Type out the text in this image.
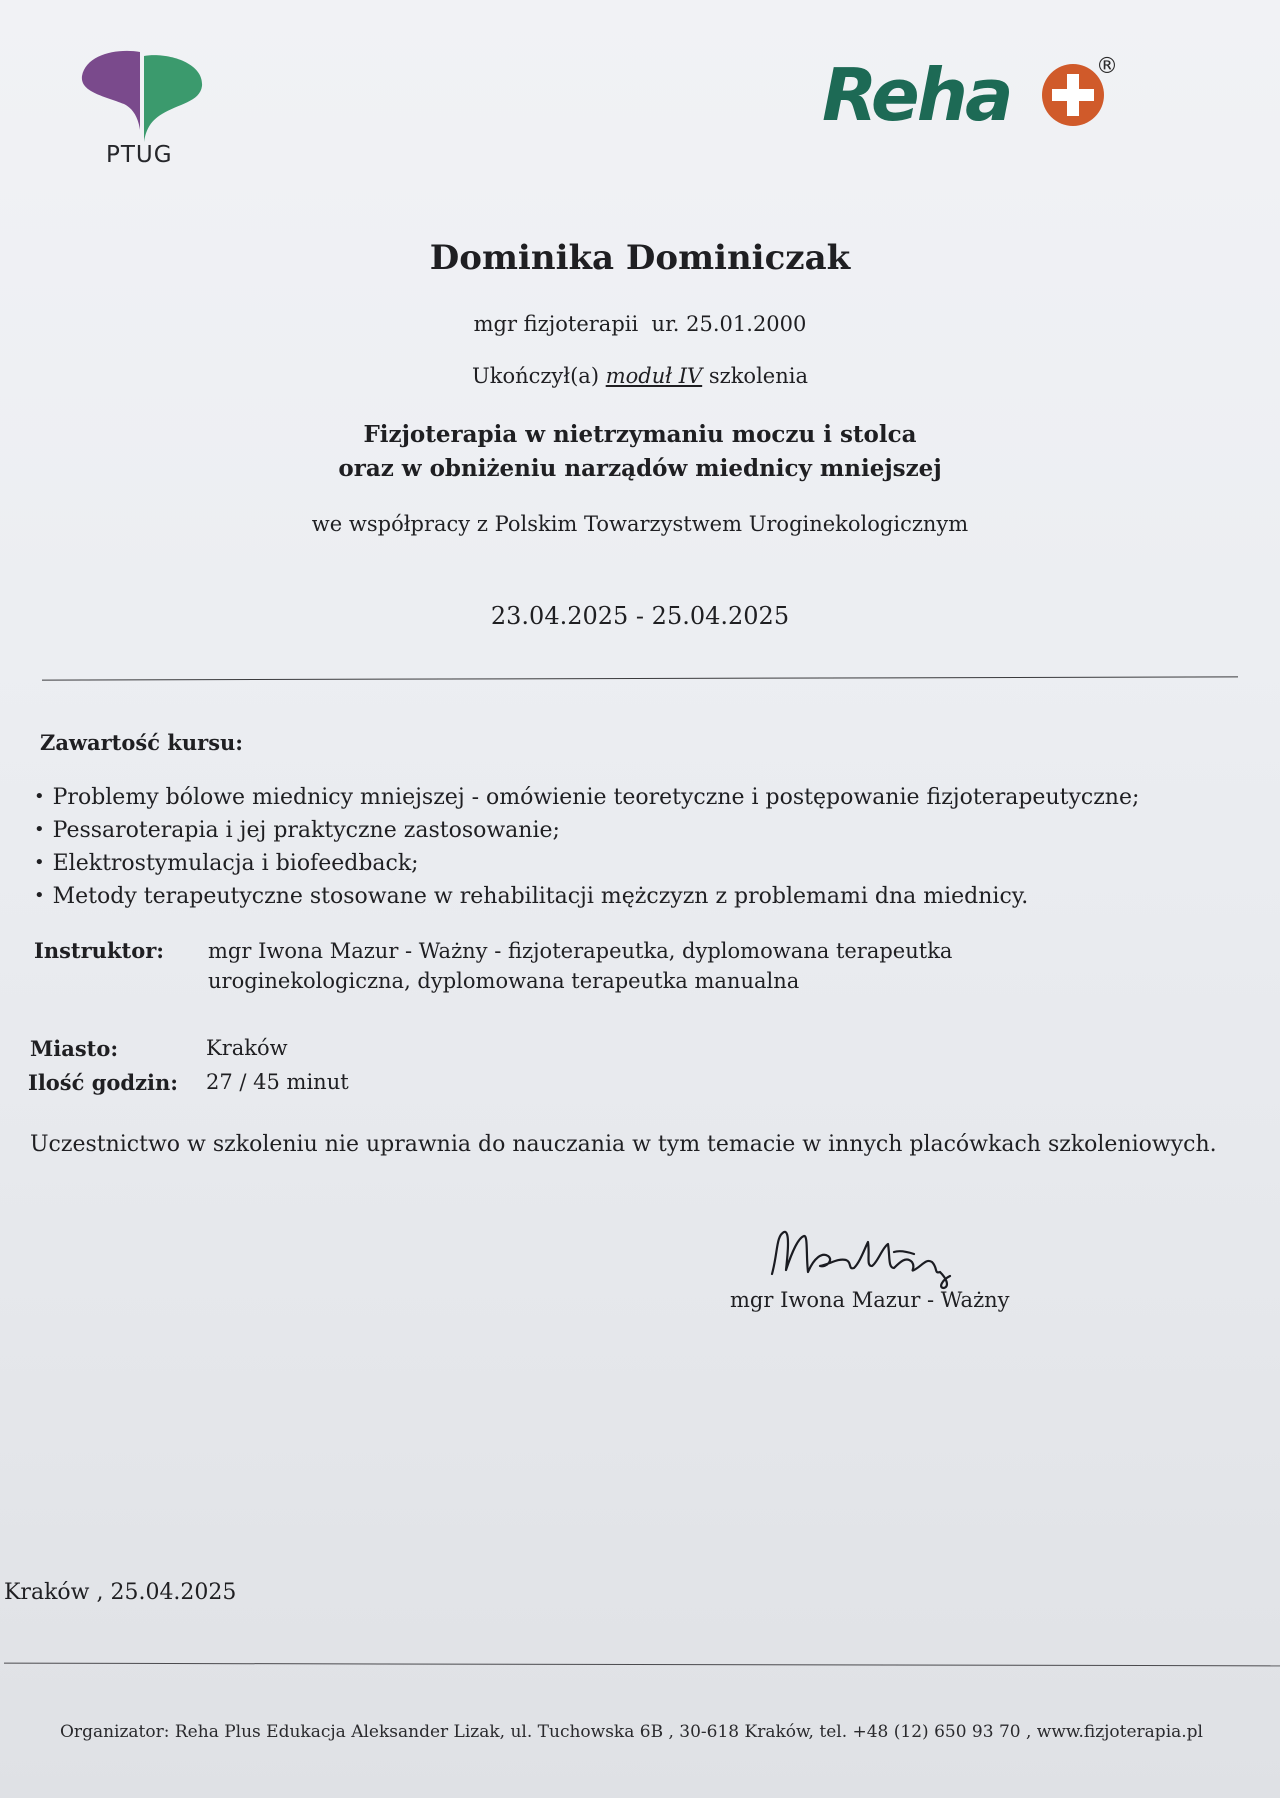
PTUG
Reha	®
Dominika Dominiczak
mgr fizjoterapii  ur. 25.01.2000
Ukończył(a) moduł IV szkolenia
Fizjoterapia w nietrzymaniu moczu i stolca
oraz w obniżeniu narządów miednicy mniejszej
we współpracy z Polskim Towarzystwem Uroginekologicznym
23.04.2025 - 25.04.2025
Zawartość kursu:
• Problemy bólowe miednicy mniejszej - omówienie teoretyczne i postępowanie fizjoterapeutyczne;
• Pessaroterapia i jej praktyczne zastosowanie;
• Elektrostymulacja i biofeedback;
• Metody terapeutyczne stosowane w rehabilitacji mężczyzn z problemami dna miednicy.
Instruktor: mgr Iwona Mazur - Ważny - fizjoterapeutka, dyplomowana terapeutka
uroginekologiczna, dyplomowana terapeutka manualna
Miasto:	Kraków
Ilość godzin: 27 / 45 minut
Uczestnictwo w szkoleniu nie uprawnia do nauczania w tym temacie w innych placówkach szkoleniowych.
mgr Iwona Mazur - Ważny
Kraków , 25.04.2025
Organizator: Reha Plus Edukacja Aleksander Lizak, ul. Tuchowska 6B , 30-618 Kraków, tel. +48 (12) 650 93 70 , www.fizjoterapia.pl
